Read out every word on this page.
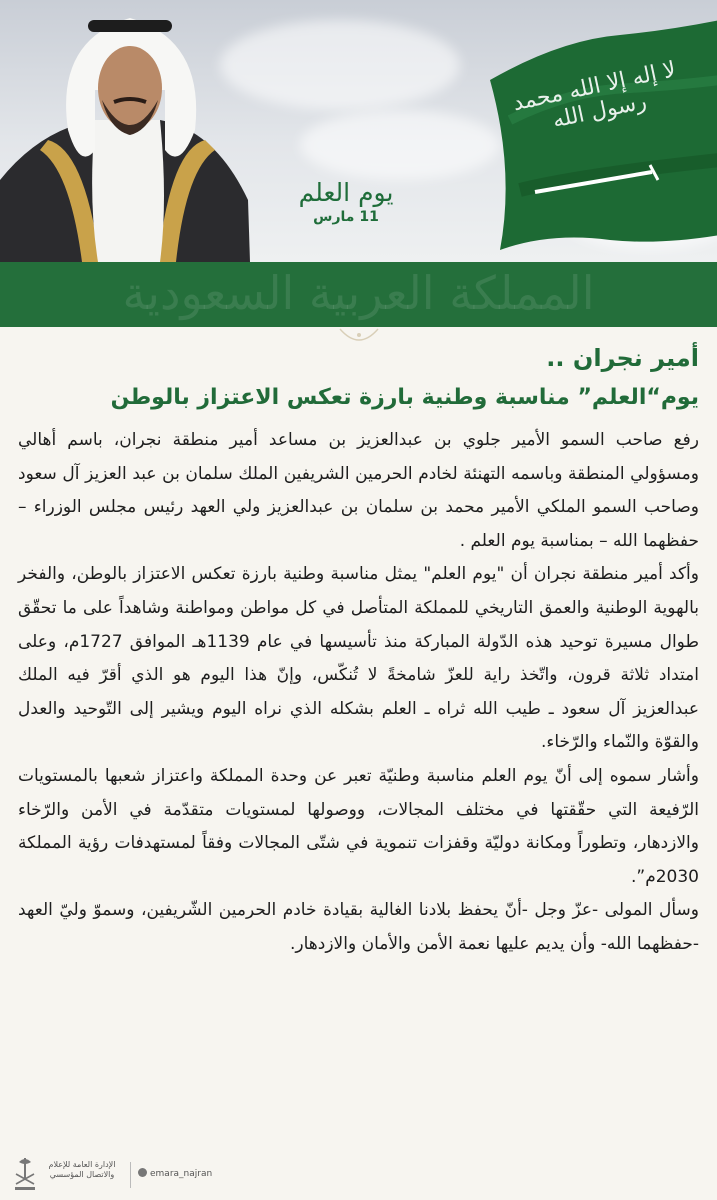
لا إله إلا الله محمد رسول الله
يوم العلم
11 مارس
المملكة العربية السعودية
أمير نجران ..
يوم“العلم” مناسبة وطنية بارزة تعكس الاعتزاز بالوطن

رفع صاحب السمو الأمير جلوي بن عبدالعزيز بن مساعد أمير منطقة نجران، باسم أهالي ومسؤولي المنطقة وباسمه التهنئة لخادم الحرمين الشريفين الملك سلمان بن عبد العزيز آل سعود وصاحب السمو الملكي الأمير محمد بن سلمان بن عبدالعزيز ولي العهد رئيس مجلس الوزراء – حفظهما الله – بمناسبة يوم العلم .

وأكد أمير منطقة نجران أن "يوم العلم" يمثل مناسبة وطنية بارزة تعكس الاعتزاز بالوطن، والفخر بالهوية الوطنية والعمق التاريخي للمملكة المتأصل في كل مواطن ومواطنة وشاهداً على ما تحقّق طوال مسيرة توحيد هذه الدّولة المباركة منذ تأسيسها في عام 1139هـ الموافق 1727م، وعلى امتداد ثلاثة قرون، واتّخذ راية للعزّ شامخةً لا تُنكّس، وإنّ هذا اليوم هو الذي أقرّ فيه الملك عبدالعزيز آل سعود ـ طيب الله ثراه ـ العلم بشكله الذي نراه اليوم ويشير إلى التّوحيد والعدل والقوّة والنّماء والرّخاء.

وأشار سموه إلى أنّ يوم العلم مناسبة وطنيّة تعبر عن وحدة المملكة واعتزاز شعبها بالمستويات الرّفيعة التي حقّقتها في مختلف المجالات، ووصولها لمستويات متقدّمة في الأمن والرّخاء والازدهار، وتطوراً ومكانة دوليّة وقفزات تنموية في شتّى المجالات وفقاً لمستهدفات رؤية المملكة 2030م”.

وسأل المولى -عزّ وجل -أنّ يحفظ بلادنا الغالية بقيادة خادم الحرمين الشّريفين، وسموّ وليّ العهد -حفظهما الله- وأن يديم عليها نعمة الأمن والأمان والازدهار.

الإدارة العامة للإعلام والاتصال المؤسسي	emara_najran
